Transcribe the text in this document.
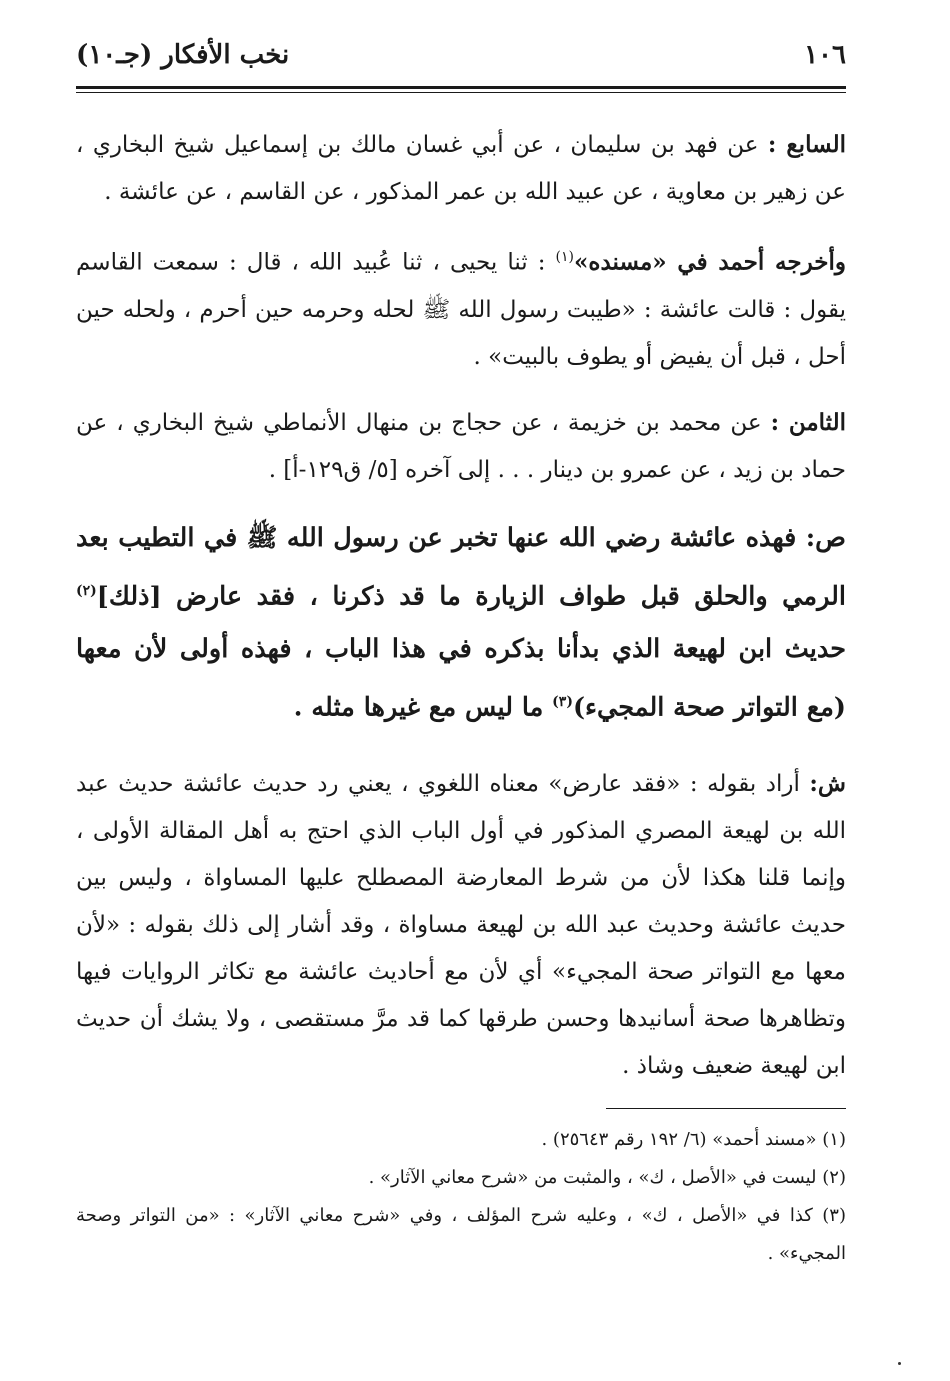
١٠٦
نخب الأفكار (جـ١٠)

السابع : عن فهد بن سليمان ، عن أبي غسان مالك بن إسماعيل شيخ البخاري ، عن زهير بن معاوية ، عن عبيد الله بن عمر المذكور ، عن القاسم ، عن عائشة .

وأخرجه أحمد في «مسنده»$^{(١)}$ : ثنا يحيى ، ثنا عُبيد الله ، قال : سمعت القاسم يقول : قالت عائشة : «طيبت رسول الله ﷺ لحله وحرمه حين أحرم ، ولحله حين أحل ، قبل أن يفيض أو يطوف بالبيت» .

الثامن : عن محمد بن خزيمة ، عن حجاج بن منهال الأنماطي شيخ البخاري ، عن حماد بن زيد ، عن عمرو بن دينار . . . إلى آخره [٥/ ق١٢٩-أ] .

ص: فهذه عائشة رضي الله عنها تخبر عن رسول الله ﷺ في التطيب بعد الرمي والحلق قبل طواف الزيارة ما قد ذكرنا ، فقد عارض [ذلك]$^{(٢)}$ حديث ابن لهيعة الذي بدأنا بذكره في هذا الباب ، فهذه أولى لأن معها (مع التواتر صحة المجيء)$^{(٣)}$ ما ليس مع غيرها مثله .

ش: أراد بقوله : «فقد عارض» معناه اللغوي ، يعني رد حديث عائشة حديث عبد الله بن لهيعة المصري المذكور في أول الباب الذي احتج به أهل المقالة الأولى ، وإنما قلنا هكذا لأن من شرط المعارضة المصطلح عليها المساواة ، وليس بين حديث عائشة وحديث عبد الله بن لهيعة مساواة ، وقد أشار إلى ذلك بقوله : «لأن معها مع التواتر صحة المجيء» أي لأن مع أحاديث عائشة مع تكاثر الروايات فيها وتظاهرها صحة أسانيدها وحسن طرقها كما قد مرَّ مستقصى ، ولا يشك أن حديث ابن لهيعة ضعيف وشاذ .

(١) «مسند أحمد» (٦/ ١٩٢ رقم ٢٥٦٤٣) .

(٢) ليست في «الأصل ، ك» ، والمثبت من «شرح معاني الآثار» .

(٣) كذا في «الأصل ، ك» ، وعليه شرح المؤلف ، وفي «شرح معاني الآثار» : «من التواتر وصحة المجيء» .
